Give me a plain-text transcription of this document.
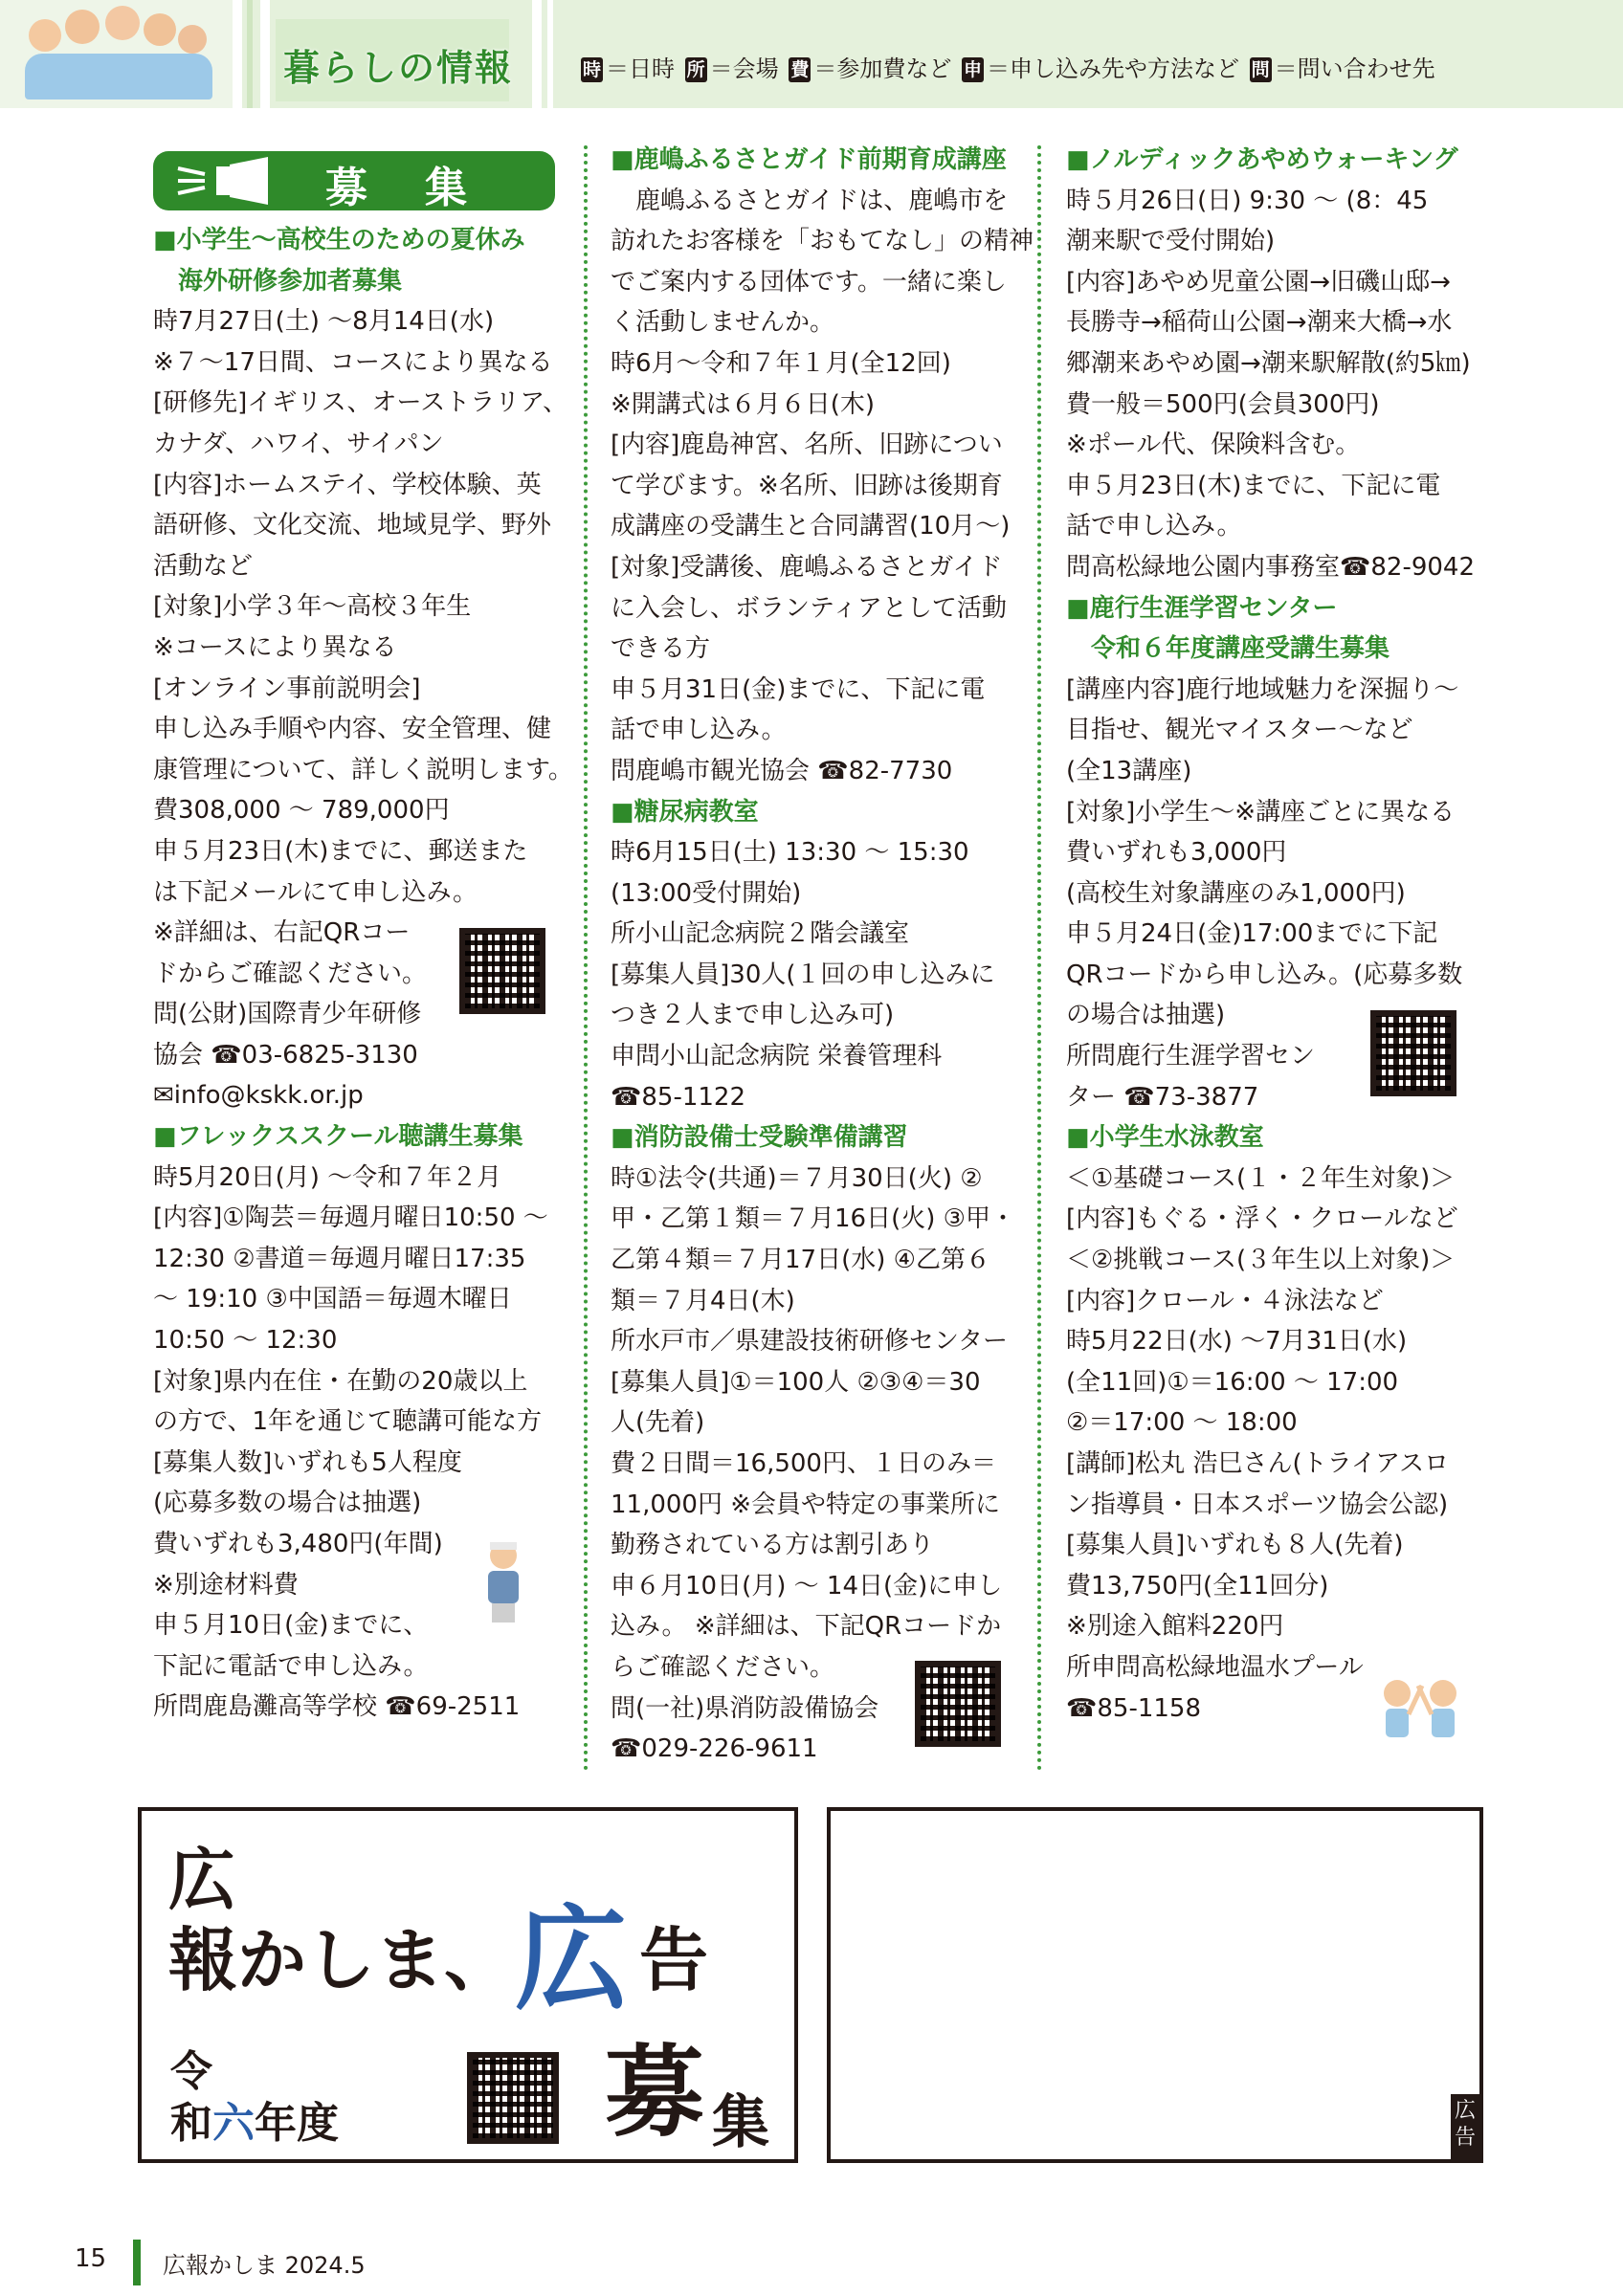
暮らしの情報	時 ＝日時 所 ＝会場 費 ＝参加費など 申 ＝申し込み先や方法など 問 ＝問い合わせ先
募集

■小学生～高校生のための夏休み

　海外研修参加者募集

時7月27日(土) ～8月14日(水)

※７～17日間、コースにより異なる

[研修先]イギリス、オーストラリア、

カナダ、ハワイ、サイパン

[内容]ホームステイ、学校体験、英

語研修、文化交流、地域見学、野外

活動など

[対象]小学３年～高校３年生

※コースにより異なる

[オンライン事前説明会]

申し込み手順や内容、安全管理、健

康管理について、詳しく説明します。

費308,000 ～ 789,000円

申５月23日(木)までに、郵送また

は下記メールにて申し込み。

※詳細は、右記QRコー

ドからご確認ください。

問(公財)国際青少年研修

協会 ☎03-6825-3130

✉info@kskk.or.jp

■フレックススクール聴講生募集

時5月20日(月) ～令和７年２月

[内容]①陶芸＝毎週月曜日10:50 ～

12:30 ②書道＝毎週月曜日17:35

～ 19:10 ③中国語＝毎週木曜日

10:50 ～ 12:30

[対象]県内在住・在勤の20歳以上

の方で、1年を通じて聴講可能な方

[募集人数]いずれも5人程度

(応募多数の場合は抽選)

費いずれも3,480円(年間)

※別途材料費

申５月10日(金)までに、

下記に電話で申し込み。

所問鹿島灘高等学校 ☎69-2511

■鹿嶋ふるさとガイド前期育成講座

　鹿嶋ふるさとガイドは、鹿嶋市を

訪れたお客様を「おもてなし」の精神

でご案内する団体です。一緒に楽し

く活動しませんか。

時6月～令和７年１月(全12回)

※開講式は６月６日(木)

[内容]鹿島神宮、名所、旧跡につい

て学びます。※名所、旧跡は後期育

成講座の受講生と合同講習(10月～)

[対象]受講後、鹿嶋ふるさとガイド

に入会し、ボランティアとして活動

できる方

申５月31日(金)までに、下記に電

話で申し込み。

問鹿嶋市観光協会 ☎82-7730

■糖尿病教室

時6月15日(土) 13:30 ～ 15:30

(13:00受付開始)

所小山記念病院２階会議室

[募集人員]30人(１回の申し込みに

つき２人まで申し込み可)

申問小山記念病院 栄養管理科

☎85-1122

■消防設備士受験準備講習

時①法令(共通)＝７月30日(火) ②

甲・乙第１類＝７月16日(火) ③甲・

乙第４類＝７月17日(水) ④乙第６

類＝７月4日(木)

所水戸市／県建設技術研修センター

[募集人員]①＝100人 ②③④＝30

人(先着)

費２日間＝16,500円、１日のみ＝

11,000円 ※会員や特定の事業所に

勤務されている方は割引あり

申６月10日(月) ～ 14日(金)に申し

込み。 ※詳細は、下記QRコードか

らご確認ください。

問(一社)県消防設備協会

☎029-226-9611

■ノルディックあやめウォーキング

時５月26日(日) 9:30 ～ (8：45

潮来駅で受付開始)

[内容]あやめ児童公園→旧磯山邸→

長勝寺→稲荷山公園→潮来大橋→水

郷潮来あやめ園→潮来駅解散(約5㎞)

費一般＝500円(会員300円)

※ポール代、保険料含む。

申５月23日(木)までに、下記に電

話で申し込み。

問高松緑地公園内事務室☎82-9042

■鹿行生涯学習センター

　令和６年度講座受講生募集

[講座内容]鹿行地域魅力を深掘り～

目指せ、観光マイスター～など

(全13講座)

[対象]小学生～※講座ごとに異なる

費いずれも3,000円

(高校生対象講座のみ1,000円)

申５月24日(金)17:00までに下記

QRコードから申し込み。(応募多数

の場合は抽選)

所問鹿行生涯学習セン

ター ☎73-3877

■小学生水泳教室

＜①基礎コース(１・２年生対象)＞

[内容]もぐる・浮く・クロールなど

＜②挑戦コース(３年生以上対象)＞

[内容]クロール・４泳法など

時5月22日(水) ～7月31日(水)

(全11回)①＝16:00 ～ 17:00

②＝17:00 ～ 18:00

[講師]松丸 浩巳さん(トライアスロ

ン指導員・日本スポーツ協会公認)

[募集人員]いずれも８人(先着)

費13,750円(全11回分)

※別途入館料220円

所申問高松緑地温水プール

☎85-1158

広
報かしま、 広 告
令
和六年度	募 集	広告
15 広報かしま 2024.5
